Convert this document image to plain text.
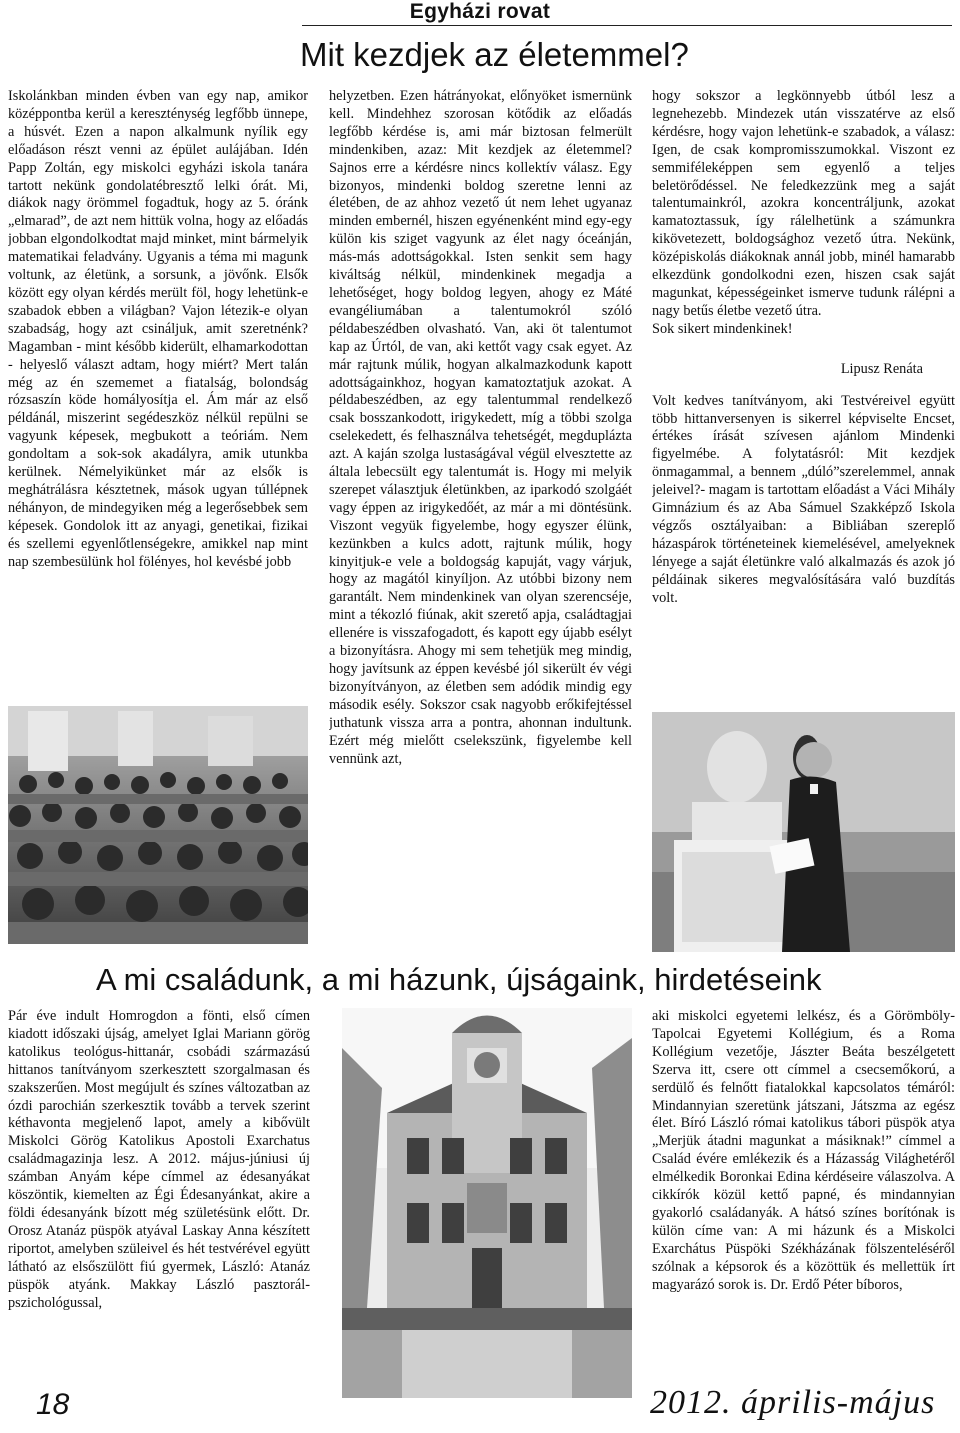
Egyházi rovat
Mit kezdjek az életemmel?

Iskolánkban minden évben van egy nap, amikor középpontba kerül a kereszténység legfőbb ünnepe, a húsvét. Ezen a napon alkalmunk nyílik egy előadáson részt venni az épület aulájában. Idén Papp Zoltán, egy miskolci egyházi iskola tanára tartott nekünk gondolatébresztő lelki órát. Mi, diákok nagy örömmel fogadtuk, hogy az 5. óránk „elmarad”, de azt nem hittük volna, hogy az előadás jobban elgondolkodtat majd minket, mint bármelyik matematikai feladvány. Ugyanis a téma mi magunk voltunk, az életünk, a sorsunk, a jövőnk. Elsők között egy olyan kérdés merült föl, hogy lehetünk-e szabadok ebben a világban? Vajon létezik-e olyan szabadság, hogy azt csináljuk, amit szeretnénk? Magamban - mint később kiderült, elhamarkodottan - helyeslő választ adtam, hogy miért? Mert talán még az én szememet a fiatalság, bolondság rózsaszín köde homályosítja el. Ám már az első példánál, miszerint segédeszköz nélkül repülni se vagyunk képesek, megbukott a teóriám. Nem gondoltam a sok-sok akadályra, amik utunkba kerülnek. Némelyikünket már az elsők is meghátrálásra késztetnek, mások ugyan túllépnek néhányon, de mindegyiken még a legerősebbek sem képesek. Gondolok itt az anyagi, genetikai, fizikai és szellemi egyenlőtlenségekre, amikkel nap mint nap szembesülünk hol fölényes, hol kevésbé jobb

helyzetben. Ezen hátrányokat, előnyöket ismernünk kell. Mindehhez szorosan kötődik az előadás legfőbb kérdése is, ami már biztosan felmerült mindenkiben, azaz: Mit kezdjek az életemmel? Sajnos erre a kérdésre nincs kollektív válasz. Egy bizonyos, mindenki boldog szeretne lenni az életében, de az ahhoz vezető út nem lehet ugyanaz minden embernél, hiszen egyénenként mind egy-egy külön kis sziget vagyunk az élet nagy óceánján, más-más adottságokkal. Isten senkit sem hagy kiváltság nélkül, mindenkinek megadja a lehetőséget, hogy boldog legyen, ahogy ez Máté evangéliumában a talentumokról szóló példabeszédben olvasható. Van, aki öt talentumot kap az Úrtól, de van, aki kettőt vagy csak egyet. Az már rajtunk múlik, hogyan alkalmazkodunk kapott adottságainkhoz, hogyan kamatoztatjuk azokat. A példabeszédben, az egy talentummal rendelkező csak bosszankodott, irigykedett, míg a többi szolga cselekedett, és felhasználva tehetségét, megduplázta azt. A kaján szolga lustaságával végül elvesztette az általa lebecsült egy talentumát is. Hogy mi melyik szerepet választjuk életünkben, az iparkodó szolgáét vagy éppen az irigykedőét, az már a mi döntésünk. Viszont vegyük figyelembe, hogy egyszer élünk, kezünkben a kulcs adott, rajtunk múlik, hogy kinyitjuk-e vele a boldogság kapuját, vagy várjuk, hogy az magától kinyíljon. Az utóbbi bizony nem garantált. Nem mindenkinek van olyan szerencséje, mint a tékozló fiúnak, akit szerető apja, családtagjai ellenére is visszafogadott, és kapott egy újabb esélyt a bizonyításra. Ahogy mi sem tehetjük meg mindig, hogy javítsunk az éppen kevésbé jól sikerült év végi bizonyítványon, az életben sem adódik mindig egy második esély. Sokszor csak nagyobb erőkifejtéssel juthatunk vissza arra a pontra, ahonnan indultunk. Ezért még mielőtt cselekszünk, figyelembe kell vennünk azt,

hogy sokszor a legkönnyebb útból lesz a legnehezebb. Mindezek után visszatérve az első kérdésre, hogy vajon lehetünk-e szabadok, a válasz: Igen, de csak kompromisszumokkal. Viszont ez semmiféleképpen sem egyenlő a teljes beletörődéssel. Ne feledkezzünk meg a saját talentumainkról, azokra koncentráljunk, azokat kamatoztassuk, így rálelhetünk a számunkra kikövetezett, boldogsághoz vezető útra. Nekünk, középiskolás diákoknak annál jobb, minél hamarabb elkezdünk gondolkodni ezen, hiszen csak saját magunkat, képességeinket ismerve tudunk rálépni a nagy betűs életbe vezető útra.

Sok sikert mindenkinek!

Lipusz Renáta

Volt kedves tanítványom, aki Testvéreivel együtt több hittanversenyen is sikerrel képviselte Encset, értékes írását szívesen ajánlom Mindenki figyelmébe. A folytatásról: Mit kezdjek önmagammal, a bennem „dúló”szerelemmel, annak jeleivel?- magam is tartottam előadást a Váci Mihály Gimnázium és az Aba Sámuel Szakképző Iskola végzős osztályaiban: a Bibliában szereplő házaspárok történeteinek kiemelésével, amelyeknek lényege a saját életünkre való alkalmazás és azok jó példáinak sikeres megvalósítására való buzdítás volt.

A mi családunk, a mi házunk, újságaink, hirdetéseink

Pár éve indult Homrogdon a fönti, első címen kiadott időszaki újság, amelyet Iglai Mariann görög katolikus teológus-hittanár, csobádi származású hittanos tanítványom szerkesztett szorgalmasan és szakszerűen. Most megújult és színes változatban az ózdi parochián szerkesztik tovább a tervek szerint kéthavonta megjelenő lapot, amely a kibővült Miskolci Görög Katolikus Apostoli Exarchatus családmagazinja lesz. A 2012. május-júniusi új számban Anyám képe címmel az édesanyákat köszöntik, kiemelten az Égi Édesanyánkat, akire a földi édesanyánk bízott még születésünk előtt. Dr. Orosz Atanáz püspök atyával Laskay Anna készített riportot, amelyben szüleivel és hét testvérével együtt látható az elsőszülött fiú gyermek, László: Atanáz püspök atyánk. Makkay László pasztorál-pszichológussal,

aki miskolci egyetemi lelkész, és a Görömböly-Tapolcai Egyetemi Kollégium, és a Roma Kollégium vezetője, Jászter Beáta beszélgetett Szerva itt, csere ott címmel a csecsemőkorú, a serdülő és felnőtt fiatalokkal kapcsolatos témáról: Mindannyian szeretünk játszani, Játszma az egész élet. Bíró László római katolikus tábori püspök atya „Merjük átadni magunkat a másiknak!” címmel a Család évére emlékezik és a Házasság Világhetéről elmélkedik Boronkai Edina kérdéseire válaszolva. A cikkírók közül kettő papné, és mindannyian gyakorló családanyák. A hátsó színes borítónak is külön címe van: A mi házunk és a Miskolci Exarchátus Püspöki Székházának fölszenteléséről szólnak a képsorok és a közöttük és mellettük írt magyarázó sorok is. Dr. Erdő Péter bíboros,

18	2012. április-május
